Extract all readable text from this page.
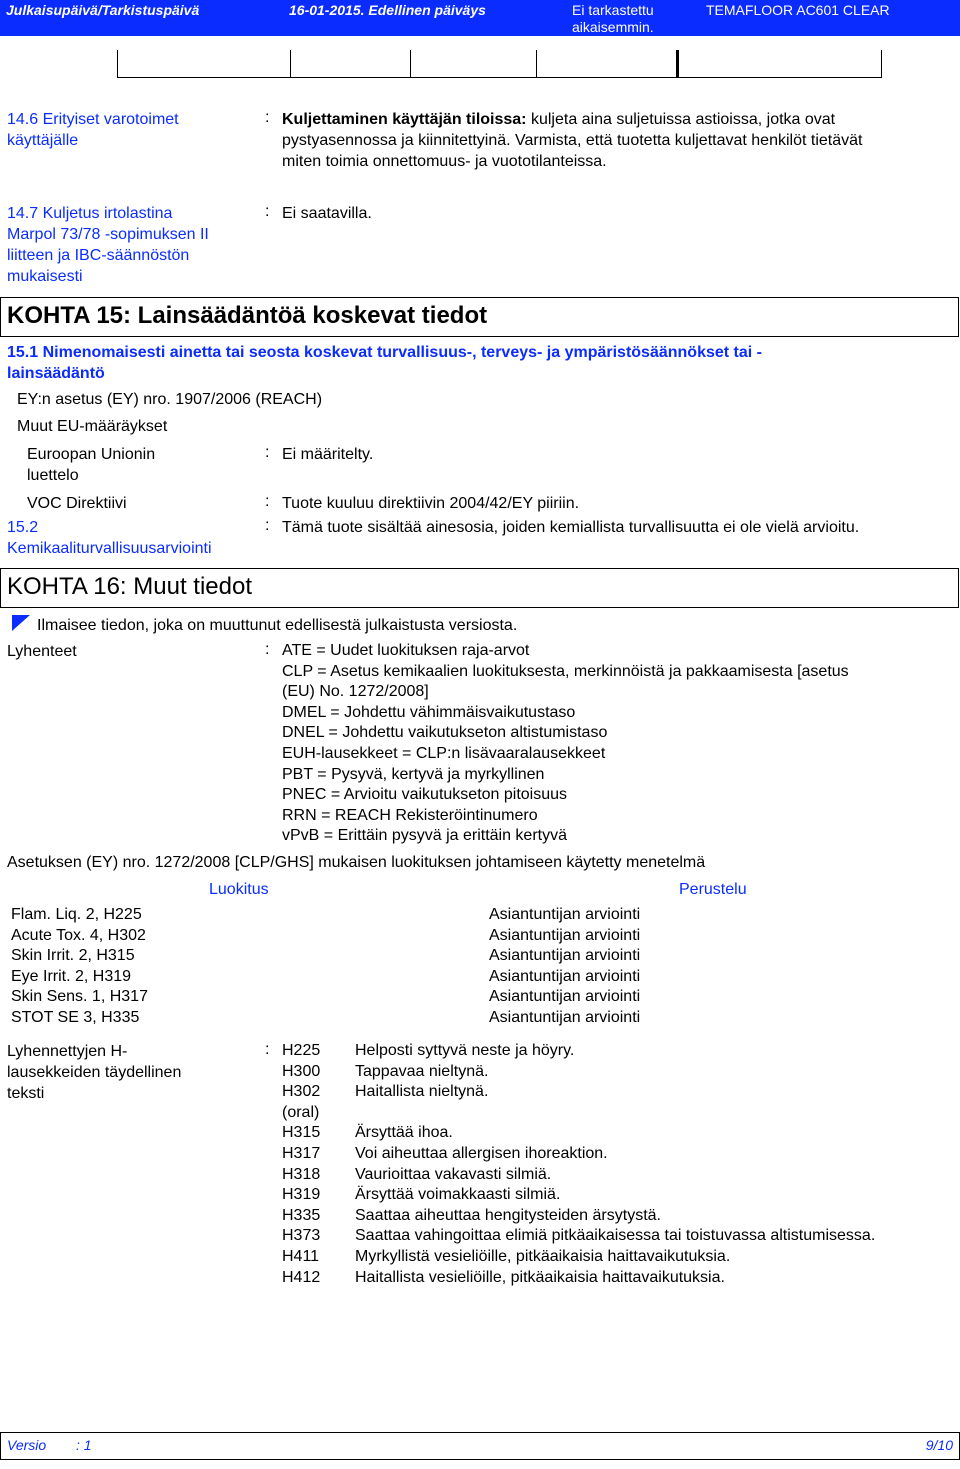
Julkaisupäivä/Tarkistuspäivä	16-01-2015. Edellinen päiväys	Ei tarkastettu
aikaisemmin.
TEMAFLOOR AC601 CLEAR
14.6 Erityiset varotoimet
käyttäjälle
: Kuljettaminen käyttäjän tiloissa: kuljeta aina suljetuissa astioissa, jotka ovat
pystyasennossa ja kiinnitettyinä. Varmista, että tuotetta kuljettavat henkilöt tietävät
miten toimia onnettomuus- ja vuototilanteissa.
14.7 Kuljetus irtolastina
Marpol 73/78 -sopimuksen II
liitteen ja IBC-säännöstön
mukaisesti
: Ei saatavilla.
KOHTA 15: Lainsäädäntöä koskevat tiedot
15.1 Nimenomaisesti ainetta tai seosta koskevat turvallisuus-, terveys- ja ympäristösäännökset tai -
lainsäädäntö
EY:n asetus (EY) nro. 1907/2006 (REACH)
Muut EU-määräykset
Euroopan Unionin
luettelo
: Ei määritelty.
VOC Direktiivi	: Tuote kuuluu direktiivin 2004/42/EY piiriin.
15.2
Kemikaaliturvallisuusarviointi
: Tämä tuote sisältää ainesosia, joiden kemiallista turvallisuutta ei ole vielä arvioitu.
KOHTA 16: Muut tiedot
Ilmaisee tiedon, joka on muuttunut edellisestä julkaistusta versiosta.
Lyhenteet	: ATE = Uudet luokituksen raja-arvot
CLP = Asetus kemikaalien luokituksesta, merkinnöistä ja pakkaamisesta [asetus
(EU) No. 1272/2008]
DMEL = Johdettu vähimmäisvaikutustaso
DNEL = Johdettu vaikutukseton altistumistaso
EUH-lausekkeet = CLP:n lisävaaralausekkeet
PBT = Pysyvä, kertyvä ja myrkyllinen
PNEC = Arvioitu vaikutukseton pitoisuus
RRN = REACH Rekisteröintinumero
vPvB = Erittäin pysyvä ja erittäin kertyvä
Asetuksen (EY) nro. 1272/2008 [CLP/GHS] mukaisen luokituksen johtamiseen käytetty menetelmä
Luokitus	Perustelu
Flam. Liq. 2, H225	Asiantuntijan arviointi
Acute Tox. 4, H302	Asiantuntijan arviointi
Skin Irrit. 2, H315	Asiantuntijan arviointi
Eye Irrit. 2, H319	Asiantuntijan arviointi
Skin Sens. 1, H317	Asiantuntijan arviointi
STOT SE 3, H335	Asiantuntijan arviointi
Lyhennettyjen H-
lausekkeiden täydellinen
teksti
: H225 Helposti syttyvä neste ja höyry.
H300 Tappavaa nieltynä.
H302 Haitallista nieltynä.
(oral)
H315 Ärsyttää ihoa.
H317 Voi aiheuttaa allergisen ihoreaktion.
H318 Vaurioittaa vakavasti silmiä.
H319 Ärsyttää voimakkaasti silmiä.
H335 Saattaa aiheuttaa hengitysteiden ärsytystä.
H373 Saattaa vahingoittaa elimiä pitkäaikaisessa tai toistuvassa altistumisessa.
H411 Myrkyllistä vesieliöille, pitkäaikaisia haittavaikutuksia.
H412 Haitallista vesieliöille, pitkäaikaisia haittavaikutuksia.
Versio : 1	9/10
